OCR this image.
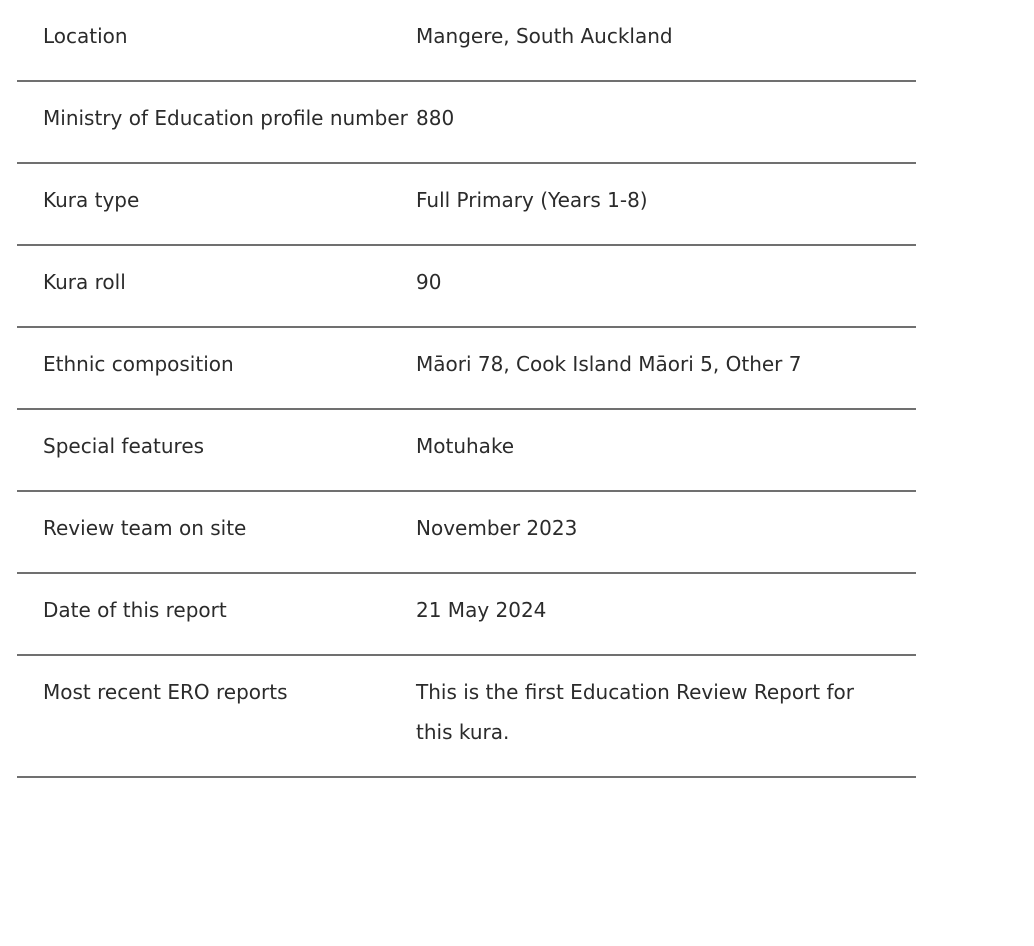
Location	Mangere, South Auckland
Ministry of Education profile number	880
Kura type	Full Primary (Years 1-8)
Kura roll	90
Ethnic composition	Māori 78, Cook Island Māori 5, Other 7
Special features	Motuhake
Review team on site	November 2023
Date of this report	21 May 2024
Most recent ERO reports	This is the first Education Review Report for this kura.
